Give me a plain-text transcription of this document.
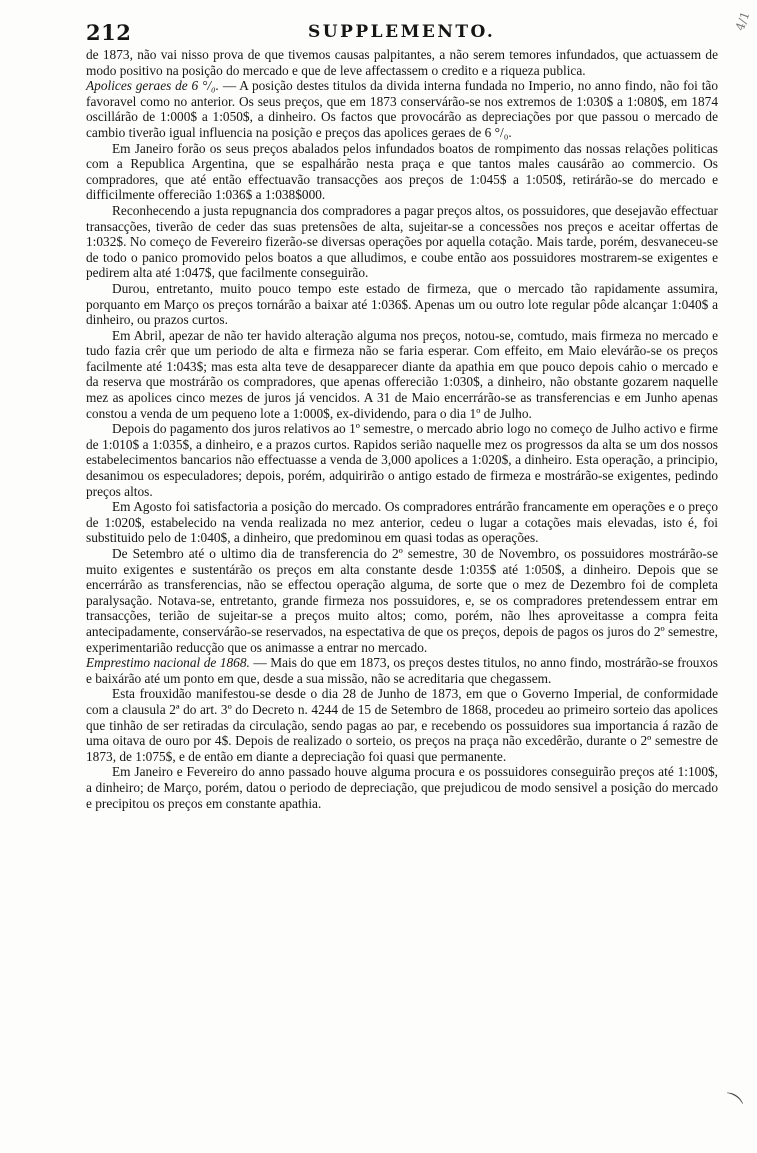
212	SUPPLEMENTO.	4/1

de 1873, não vai nisso prova de que tivemos causas palpitantes, a não serem temores infundados, que actuassem de modo positivo na posição do mercado e que de leve affectassem o credito e a riqueza publica.

Apolices geraes de 6 °/₀. — A posição destes titulos da divida interna fundada no Imperio, no anno findo, não foi tão favoravel como no anterior. Os seus preços, que em 1873 conservárão-se nos extremos de 1:030$ a 1:080$, em 1874 oscillárão de 1:000$ a 1:050$, a dinheiro. Os factos que provocárão as depreciações por que passou o mercado de cambio tiverão igual influencia na posição e preços das apolices geraes de 6 °/₀.

Em Janeiro forão os seus preços abalados pelos infundados boatos de rompimento das nossas relações politicas com a Republica Argentina, que se espalhárão nesta praça e que tantos males causárão ao commercio. Os compradores, que até então effectuavão transacções aos preços de 1:045$ a 1:050$, retirárão-se do mercado e difficilmente offerecião 1:036$ a 1:038$000.

Reconhecendo a justa repugnancia dos compradores a pagar preços altos, os possuidores, que desejavão effectuar transacções, tiverão de ceder das suas pretensões de alta, sujeitar-se a concessões nos preços e aceitar offertas de 1:032$. No começo de Fevereiro fizerão-se diversas operações por aquella cotação. Mais tarde, porém, desvaneceu-se de todo o panico promovido pelos boatos a que alludimos, e coube então aos possuidores mostrarem-se exigentes e pedirem alta até 1:047$, que facilmente conseguirão.

Durou, entretanto, muito pouco tempo este estado de firmeza, que o mercado tão rapidamente assumira, porquanto em Março os preços tornárão a baixar até 1:036$. Apenas um ou outro lote regular pôde alcançar 1:040$ a dinheiro, ou prazos curtos.

Em Abril, apezar de não ter havido alteração alguma nos preços, notou-se, comtudo, mais firmeza no mercado e tudo fazia crêr que um periodo de alta e firmeza não se faria esperar. Com effeito, em Maio elevárão-se os preços facilmente até 1:043$; mas esta alta teve de desapparecer diante da apathia em que pouco depois cahio o mercado e da reserva que mostrárão os compradores, que apenas offerecião 1:030$, a dinheiro, não obstante gozarem naquelle mez as apolices cinco mezes de juros já vencidos. A 31 de Maio encerrárão-se as transferencias e em Junho apenas constou a venda de um pequeno lote a 1:000$, ex-dividendo, para o dia 1º de Julho.

Depois do pagamento dos juros relativos ao 1º semestre, o mercado abrio logo no começo de Julho activo e firme de 1:010$ a 1:035$, a dinheiro, e a prazos curtos. Rapidos serião naquelle mez os progressos da alta se um dos nossos estabelecimentos bancarios não effectuasse a venda de 3,000 apolices a 1:020$, a dinheiro. Esta operação, a principio, desanimou os especuladores; depois, porém, adquirirão o antigo estado de firmeza e mostrárão-se exigentes, pedindo preços altos.

Em Agosto foi satisfactoria a posição do mercado. Os compradores entrárão francamente em operações e o preço de 1:020$, estabelecido na venda realizada no mez anterior, cedeu o lugar a cotações mais elevadas, isto é, foi substituido pelo de 1:040$, a dinheiro, que predominou em quasi todas as operações.

De Setembro até o ultimo dia de transferencia do 2º semestre, 30 de Novembro, os possuidores mostrárão-se muito exigentes e sustentárão os preços em alta constante desde 1:035$ até 1:050$, a dinheiro. Depois que se encerrárão as transferencias, não se effectou operação alguma, de sorte que o mez de Dezembro foi de completa paralysação. Notava-se, entretanto, grande firmeza nos possuidores, e, se os compradores pretendessem entrar em transacções, terião de sujeitar-se a preços muito altos; como, porém, não lhes aproveitasse a compra feita antecipadamente, conservárão-se reservados, na espectativa de que os preços, depois de pagos os juros do 2º semestre, experimentarião reducção que os animasse a entrar no mercado.

Emprestimo nacional de 1868. — Mais do que em 1873, os preços destes titulos, no anno findo, mostrárão-se frouxos e baixárão até um ponto em que, desde a sua missão, não se acreditaria que chegassem.

Esta frouxidão manifestou-se desde o dia 28 de Junho de 1873, em que o Governo Imperial, de conformidade com a clausula 2ª do art. 3º do Decreto n. 4244 de 15 de Setembro de 1868, procedeu ao primeiro sorteio das apolices que tinhão de ser retiradas da circulação, sendo pagas ao par, e recebendo os possuidores sua importancia á razão de uma oitava de ouro por 4$. Depois de realizado o sorteio, os preços na praça não excedêrão, durante o 2º semestre de 1873, de 1:075$, e de então em diante a depreciação foi quasi que permanente.

Em Janeiro e Fevereiro do anno passado houve alguma procura e os possuidores conseguirão preços até 1:100$, a dinheiro; de Março, porém, datou o periodo de depreciação, que prejudicou de modo sensivel a posição do mercado e precipitou os preços em constante apathia.

⌒
